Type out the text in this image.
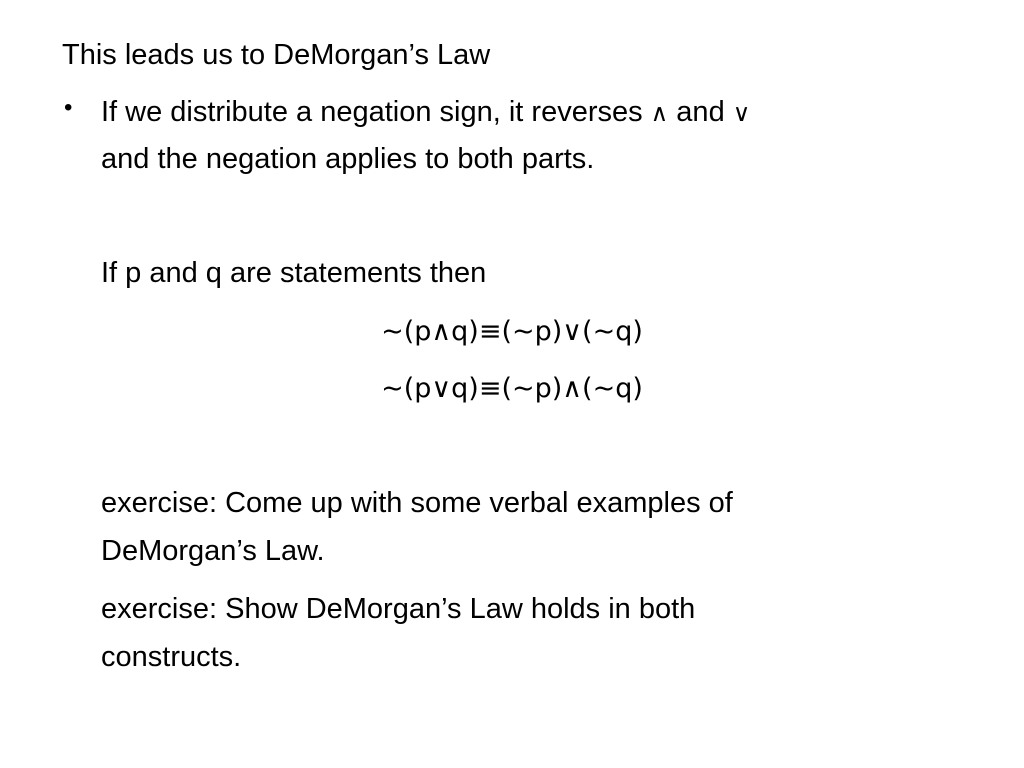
This leads us to DeMorgan’s Law
• If we distribute a negation sign, it reverses ∧ and ∨
and the negation applies to both parts.
If p and q are statements then
∼(p∧q)≡(∼p)∨(∼q)
∼(p∨q)≡(∼p)∧(∼q)
exercise: Come up with some verbal examples of
DeMorgan’s Law.
exercise: Show DeMorgan’s Law holds in both
constructs.
